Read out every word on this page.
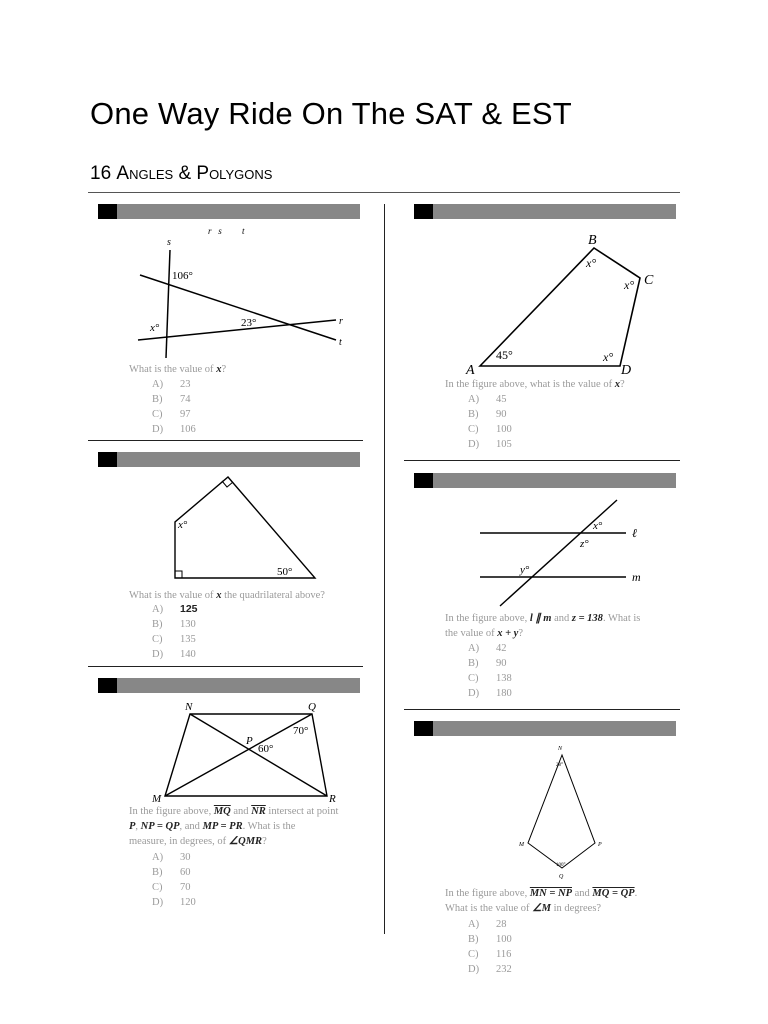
One Way Ride On The SAT & EST
16 Angles & Polygons
r   s         t
s
r
t
106°
23°
x°
What is the value of x?
A)	23
B)	74
C)	97
D)	106
x°
50°
What is the value of x the quadrilateral above?
A)	125
B)	130
C)	135
D)	140
N	Q
P
M	R
70°
60°
In the figure above, $\overline{MQ}$ and $\overline{NR}$ intersect at point
P, NP = QP, and MP = PR. What is the
measure, in degrees, of ∠QMR?
A)	30
B)	60
C)	70
D)	120
B
C
A	D
x°
x°
x°
45°
In the figure above, what is the value of x?
A)	45
B)	90
C)	100
D)	105
x°
z°
y°
ℓ
m
In the figure above, l ∥ m and z = 138. What is
the value of x + y?
A)	42
B)	90
C)	138
D)	180
N
M	P
Q
28°
100°
In the figure above, MN = NP and MQ = QP.
What is the value of ∠M in degrees?
A)	28
B)	100
C)	116
D)	232
